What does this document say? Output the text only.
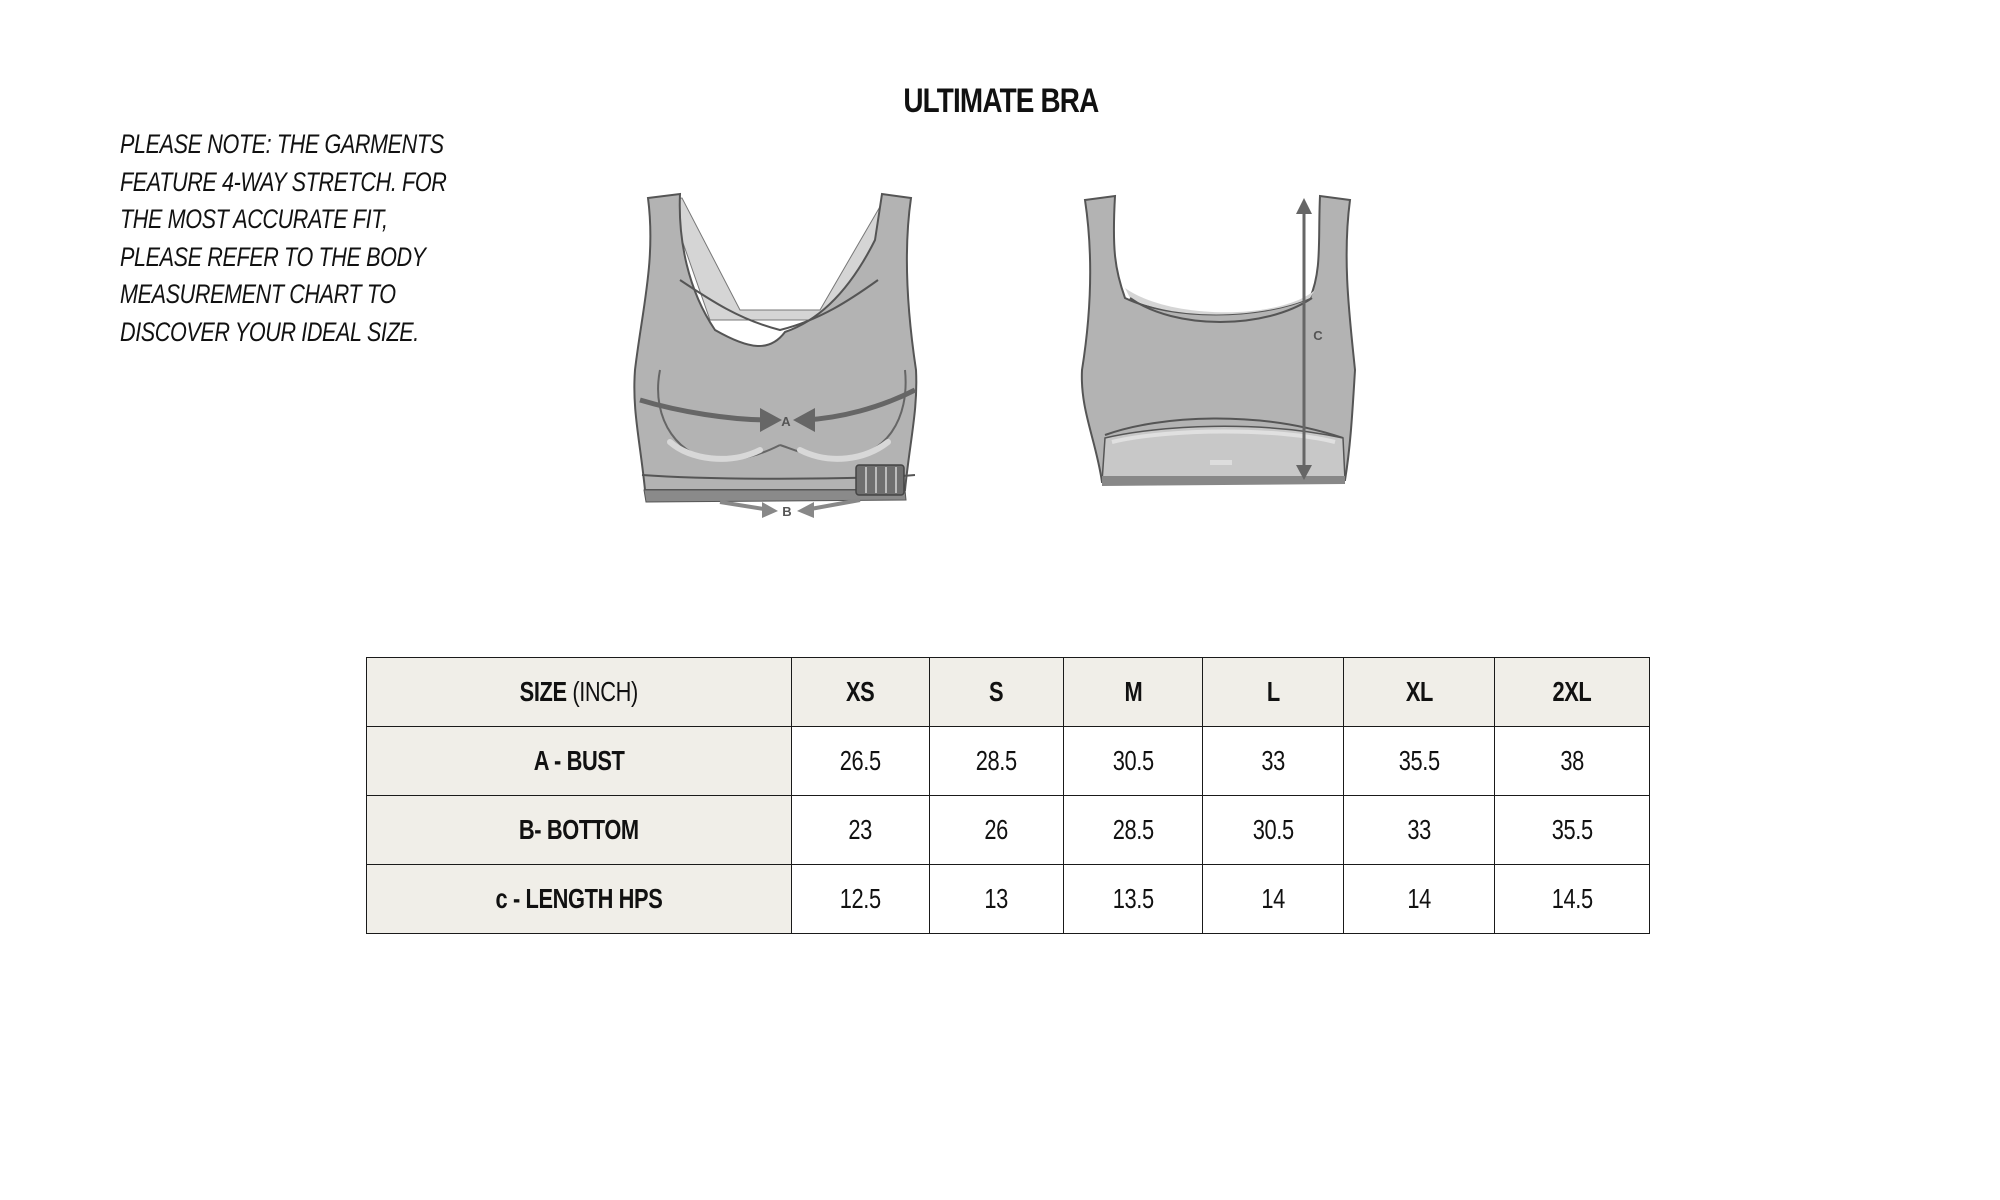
ULTIMATE BRA
PLEASE NOTE: THE GARMENTS FEATURE 4-WAY STRETCH. FOR THE MOST ACCURATE FIT, PLEASE REFER TO THE BODY MEASUREMENT CHART TO DISCOVER YOUR IDEAL SIZE.
A
B
C
SIZE (INCH)	XS	S	M	L	XL	2XL
A - BUST	26.5	28.5	30.5	33	35.5	38
B- BOTTOM	23	26	28.5	30.5	33	35.5
c - LENGTH HPS	12.5	13	13.5	14	14	14.5
